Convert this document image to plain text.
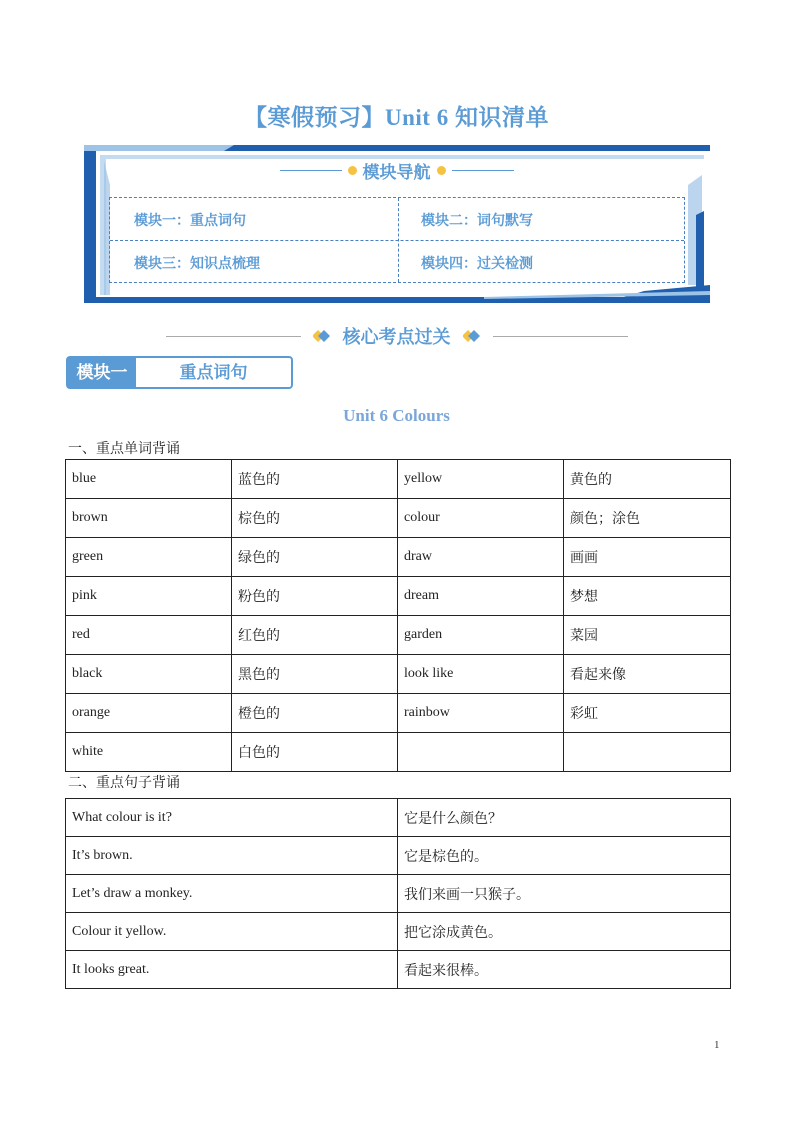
【寒假预习】Unit 6 知识清单
模块导航
模块一：重点词句	模块二：词句默写
模块三：知识点梳理	模块四：过关检测
核心考点过关
模块一	重点词句
Unit 6 Colours
一、重点单词背诵
blue	蓝色的	yellow	黄色的
brown	棕色的	colour	颜色；涂色
green	绿色的	draw	画画
pink	粉色的	dream	梦想
red	红色的	garden	菜园
black	黑色的	look like	看起来像
orange	橙色的	rainbow	彩虹
white	白色的		
二、重点句子背诵
What colour is it?	它是什么颜色？
It’s brown.	它是棕色的。
Let’s draw a monkey.	我们来画一只猴子。
Colour it yellow.	把它涂成黄色。
It looks great.	看起来很棒。
1
